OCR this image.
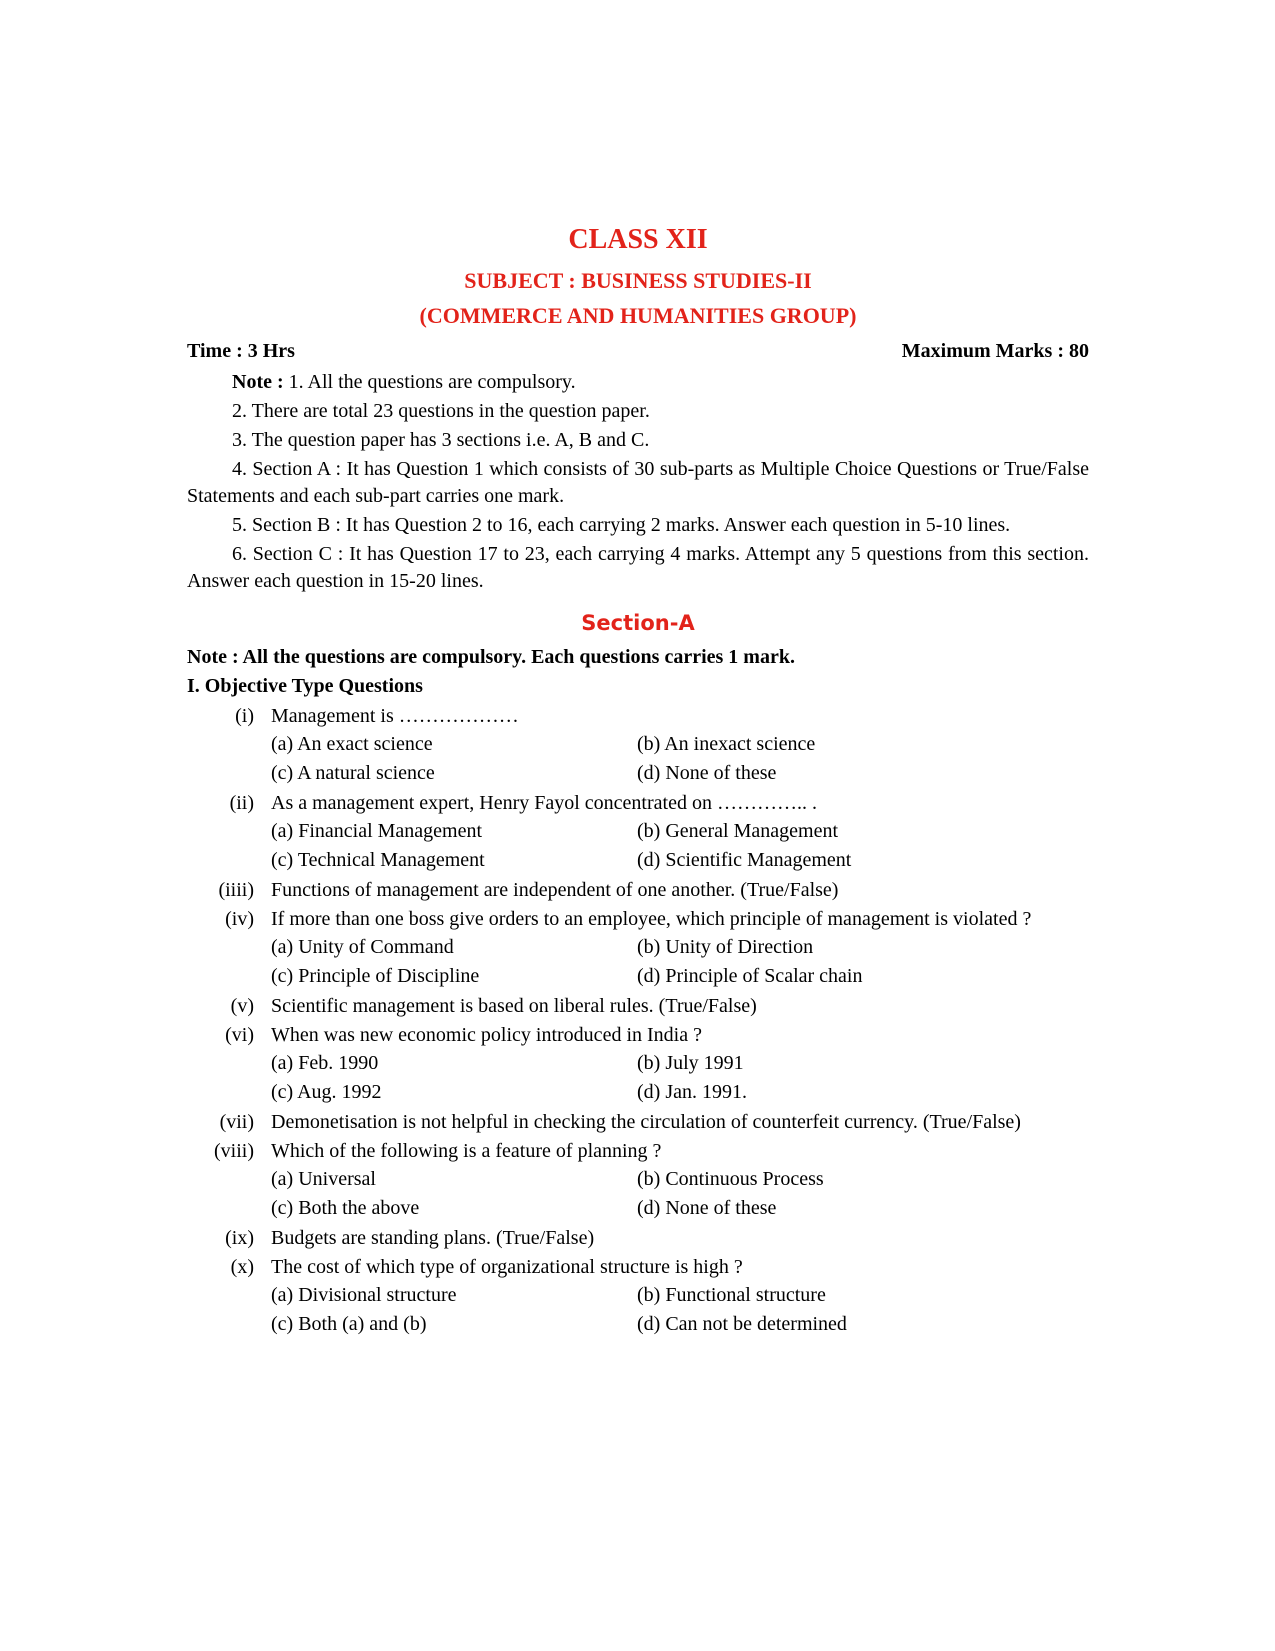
CLASS XII
SUBJECT : BUSINESS STUDIES-II
(COMMERCE AND HUMANITIES GROUP)
Time : 3 Hrs	Maximum Marks : 80

Note : 1. All the questions are compulsory.

2. There are total 23 questions in the question paper.

3. The question paper has 3 sections i.e. A, B and C.

4. Section A : It has Question 1 which consists of 30 sub-parts as Multiple Choice Questions or True/False Statements and each sub-part carries one mark.

5. Section B : It has Question 2 to 16, each carrying 2 marks. Answer each question in 5-10 lines.

6. Section C : It has Question 17 to 23, each carrying 4 marks. Attempt any 5 questions from this section. Answer each question in 15-20 lines.

Section-A
Note : All the questions are compulsory. Each questions carries 1 mark.
I. Objective Type Questions
(i) Management is ………………
(a) An exact science	(b) An inexact science
(c) A natural science	(d) None of these
(ii) As a management expert, Henry Fayol concentrated on ………….. .
(a) Financial Management	(b) General Management
(c) Technical Management	(d) Scientific Management
(iiii) Functions of management are independent of one another. (True/False)
(iv) If more than one boss give orders to an employee, which principle of management is violated ?
(a) Unity of Command	(b) Unity of Direction
(c) Principle of Discipline	(d) Principle of Scalar chain
(v) Scientific management is based on liberal rules. (True/False)
(vi) When was new economic policy introduced in India ?
(a) Feb. 1990	(b) July 1991
(c) Aug. 1992	(d) Jan. 1991.
(vii) Demonetisation is not helpful in checking the circulation of counterfeit currency. (True/False)
(viii) Which of the following is a feature of planning ?
(a) Universal	(b) Continuous Process
(c) Both the above	(d) None of these
(ix) Budgets are standing plans. (True/False)
(x) The cost of which type of organizational structure is high ?
(a) Divisional structure	(b) Functional structure
(c) Both (a) and (b)	(d) Can not be determined
